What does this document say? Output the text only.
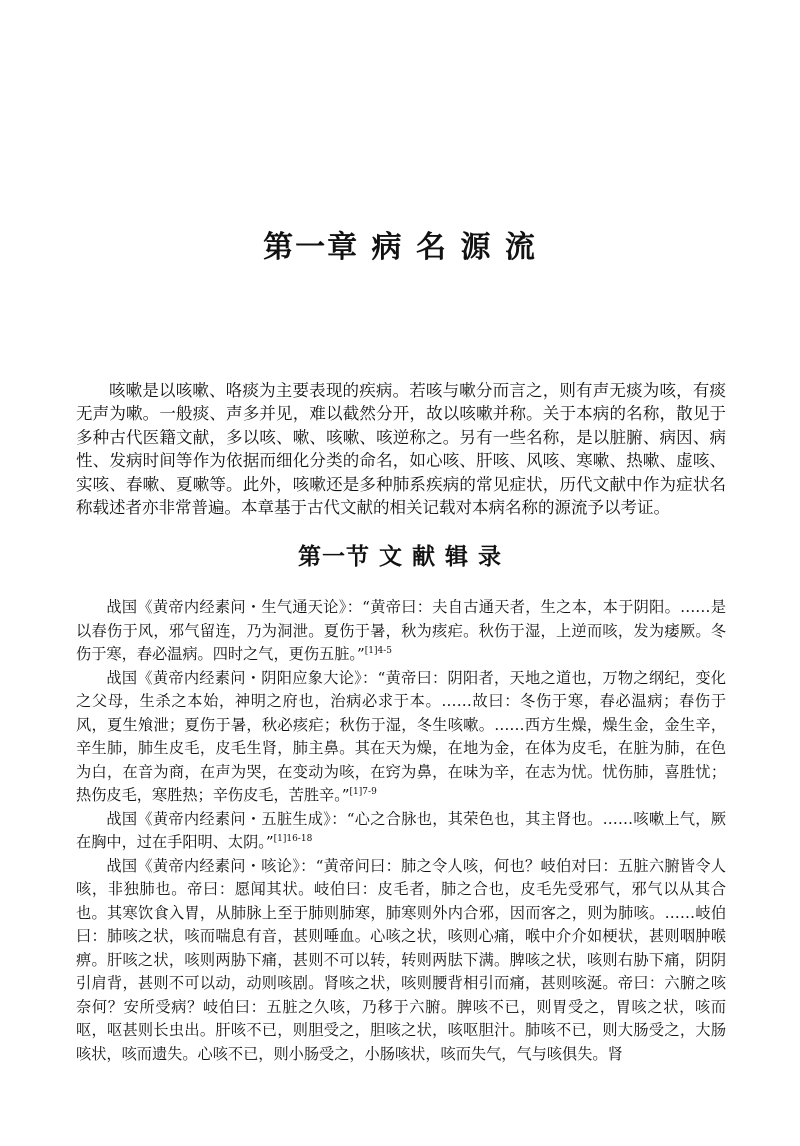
第一章 病 名 源 流

咳嗽是以咳嗽、咯痰为主要表现的疾病。若咳与嗽分而言之，则有声无痰为咳，有痰无声为嗽。一般痰、声多并见，难以截然分开，故以咳嗽并称。关于本病的名称，散见于多种古代医籍文献，多以咳、嗽、咳嗽、咳逆称之。另有一些名称，是以脏腑、病因、病性、发病时间等作为依据而细化分类的命名，如心咳、肝咳、风咳、寒嗽、热嗽、虚咳、实咳、春嗽、夏嗽等。此外，咳嗽还是多种肺系疾病的常见症状，历代文献中作为症状名称载述者亦非常普遍。本章基于古代文献的相关记载对本病名称的源流予以考证。

第一节 文 献 辑 录

战国《黄帝内经素问・生气通天论》：“黄帝曰：夫自古通天者，生之本，本于阴阳。……是以春伤于风，邪气留连，乃为洞泄。夏伤于暑，秋为痎疟。秋伤于湿，上逆而咳，发为痿厥。冬伤于寒，春必温病。四时之气，更伤五脏。”$^{[1]4-5}$

战国《黄帝内经素问・阴阳应象大论》：“黄帝曰：阴阳者，天地之道也，万物之纲纪，变化之父母，生杀之本始，神明之府也，治病必求于本。……故曰：冬伤于寒，春必温病；春伤于风，夏生飧泄；夏伤于暑，秋必痎疟；秋伤于湿，冬生咳嗽。……西方生燥，燥生金，金生辛，辛生肺，肺生皮毛，皮毛生肾，肺主鼻。其在天为燥，在地为金，在体为皮毛，在脏为肺，在色为白，在音为商，在声为哭，在变动为咳，在窍为鼻，在味为辛，在志为忧。忧伤肺，喜胜忧；热伤皮毛，寒胜热；辛伤皮毛，苦胜辛。”$^{[1]7-9}$

战国《黄帝内经素问・五脏生成》：“心之合脉也，其荣色也，其主肾也。……咳嗽上气，厥在胸中，过在手阳明、太阴。”$^{[1]16-18}$

战国《黄帝内经素问・咳论》：“黄帝问曰：肺之令人咳，何也？岐伯对曰：五脏六腑皆令人咳，非独肺也。帝曰：愿闻其状。岐伯曰：皮毛者，肺之合也，皮毛先受邪气，邪气以从其合也。其寒饮食入胃，从肺脉上至于肺则肺寒，肺寒则外内合邪，因而客之，则为肺咳。……岐伯曰：肺咳之状，咳而喘息有音，甚则唾血。心咳之状，咳则心痛，喉中介介如梗状，甚则咽肿喉痹。肝咳之状，咳则两胁下痛，甚则不可以转，转则两胠下满。脾咳之状，咳则右胁下痛，阴阴引肩背，甚则不可以动，动则咳剧。肾咳之状，咳则腰背相引而痛，甚则咳涎。帝曰：六腑之咳奈何？安所受病？岐伯曰：五脏之久咳，乃移于六腑。脾咳不已，则胃受之，胃咳之状，咳而呕，呕甚则长虫出。肝咳不已，则胆受之，胆咳之状，咳呕胆汁。肺咳不已，则大肠受之，大肠咳状，咳而遗失。心咳不已，则小肠受之，小肠咳状，咳而失气，气与咳俱失。肾
